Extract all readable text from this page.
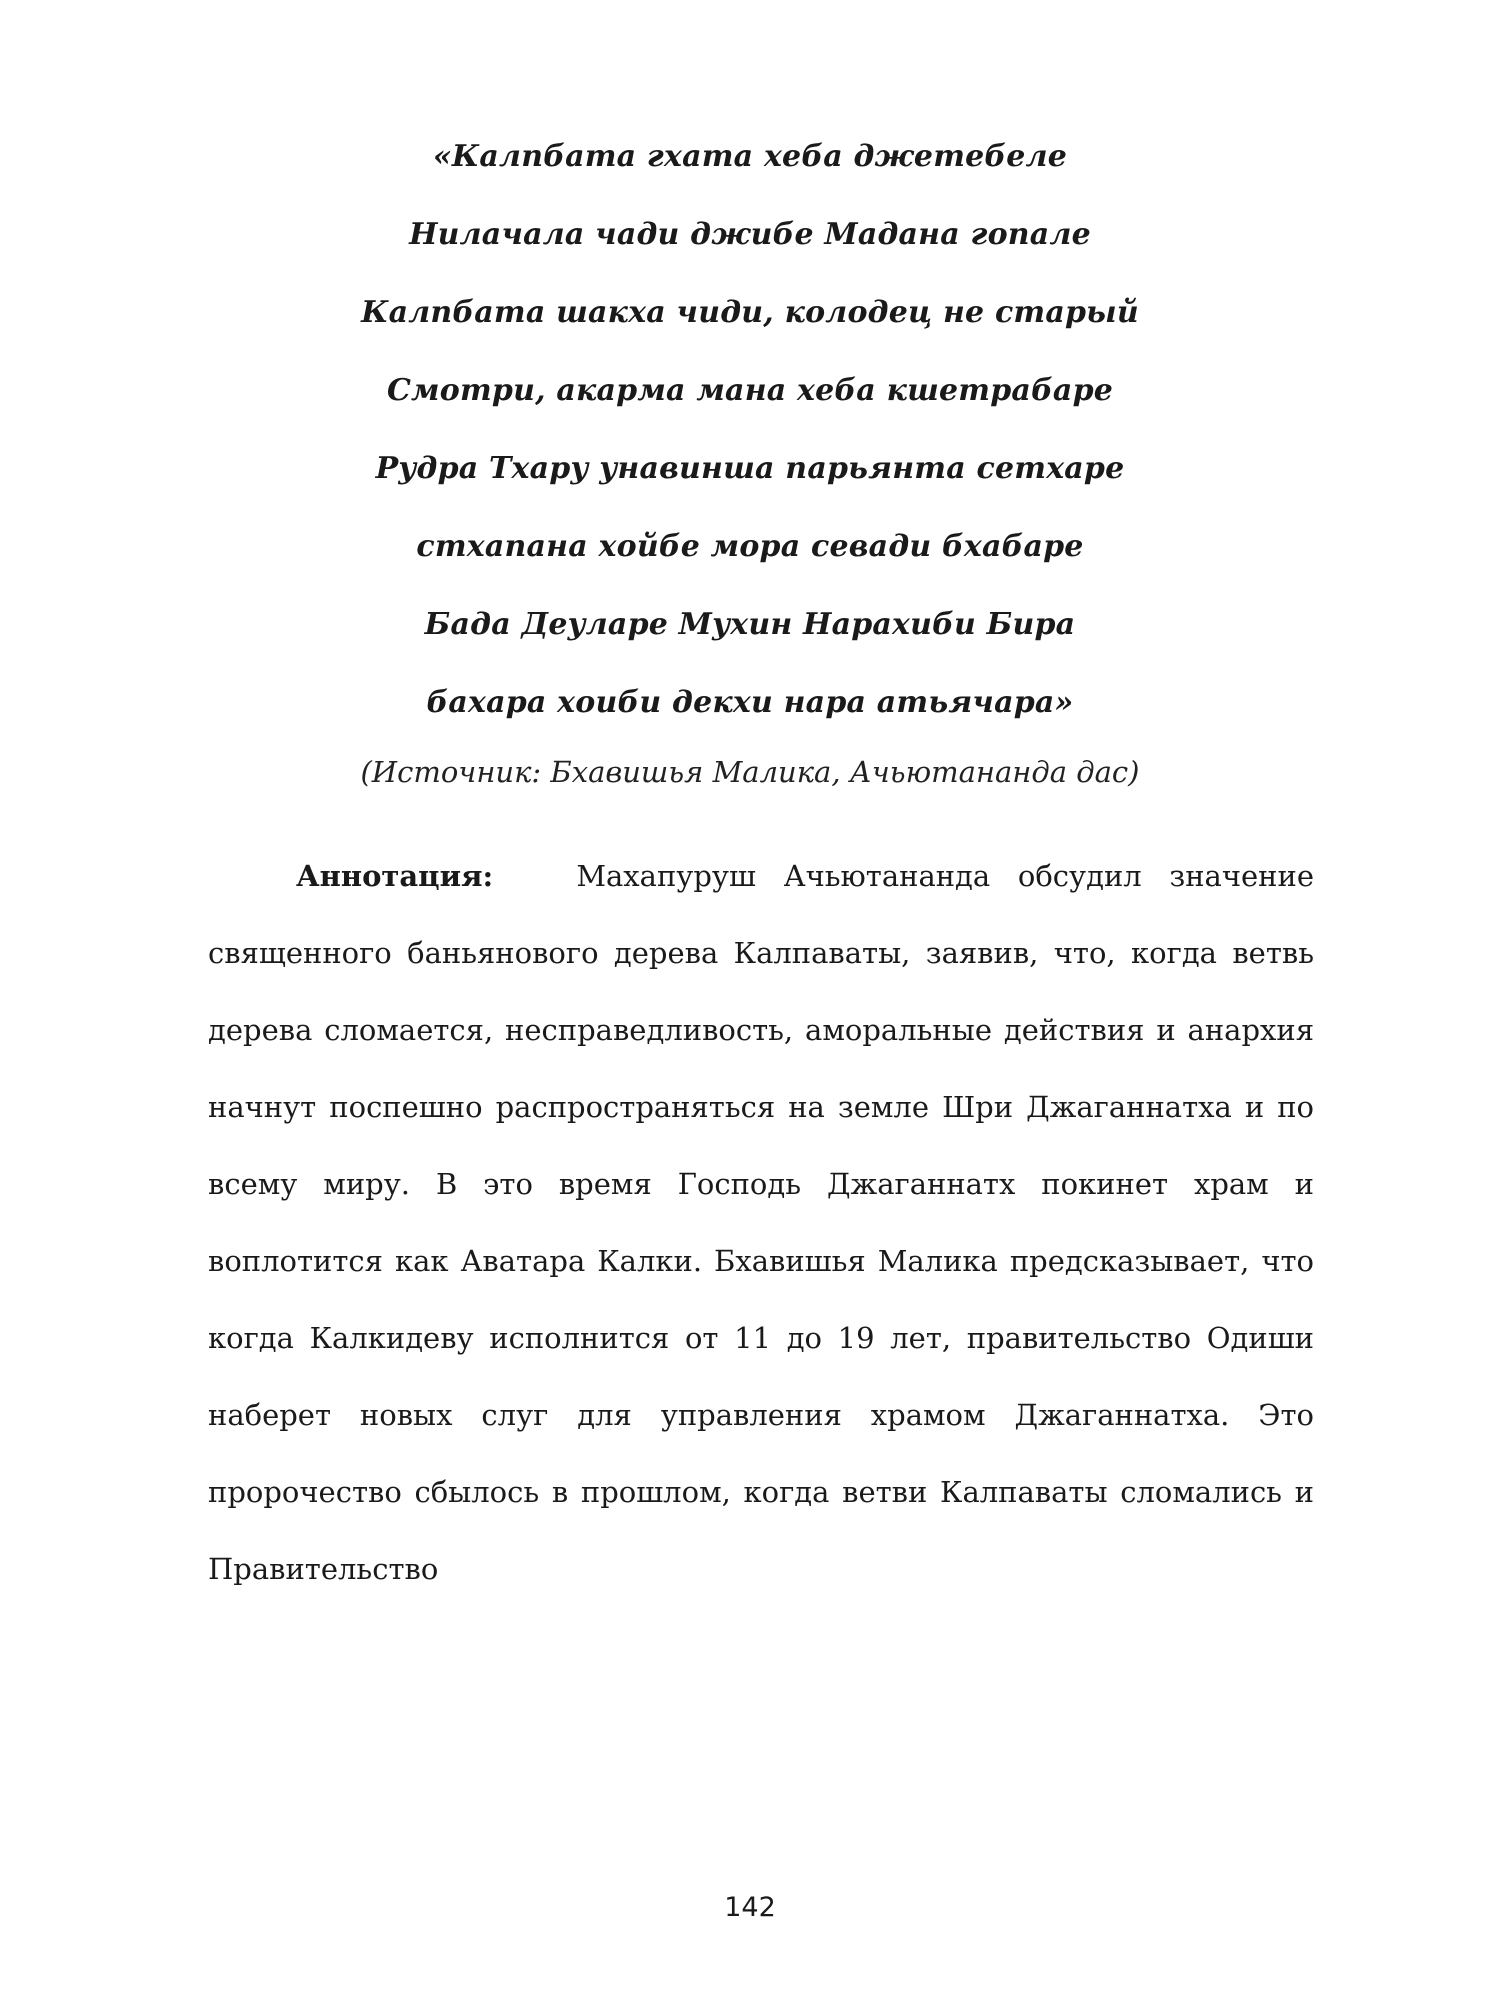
«Калпбата гхата хеба джетебеле
Нилачала чади джибе Мадана гопале
Калпбата шакха чиди, колодец не старый
Смотри, акарма мана хеба кшетрабаре
Рудра Тхару унавинша парьянта сетхаре
стхапана хойбе мора севади бхабаре
Бада Деуларе Мухин Нарахиби Бира
бахара хоиби декхи нара атьячара»
(Источник: Бхавишья Малика, Ачьютананда дас)

Аннотация:	Махапуруш Ачьютананда обсудил значение священного баньянового дерева Калпаваты, заявив, что, когда ветвь дерева сломается, несправедливость, аморальные действия и анархия начнут поспешно распространяться на земле Шри Джаганнатха и по всему миру. В это время Господь Джаганнатх покинет храм и воплотится как Аватара Калки. Бхавишья Малика предсказывает, что когда Калкидеву исполнится от 11 до 19 лет, правительство Одиши наберет новых слуг для управления храмом Джаганнатха. Это пророчество сбылось в прошлом, когда ветви Калпаваты сломались и Правительство

142
